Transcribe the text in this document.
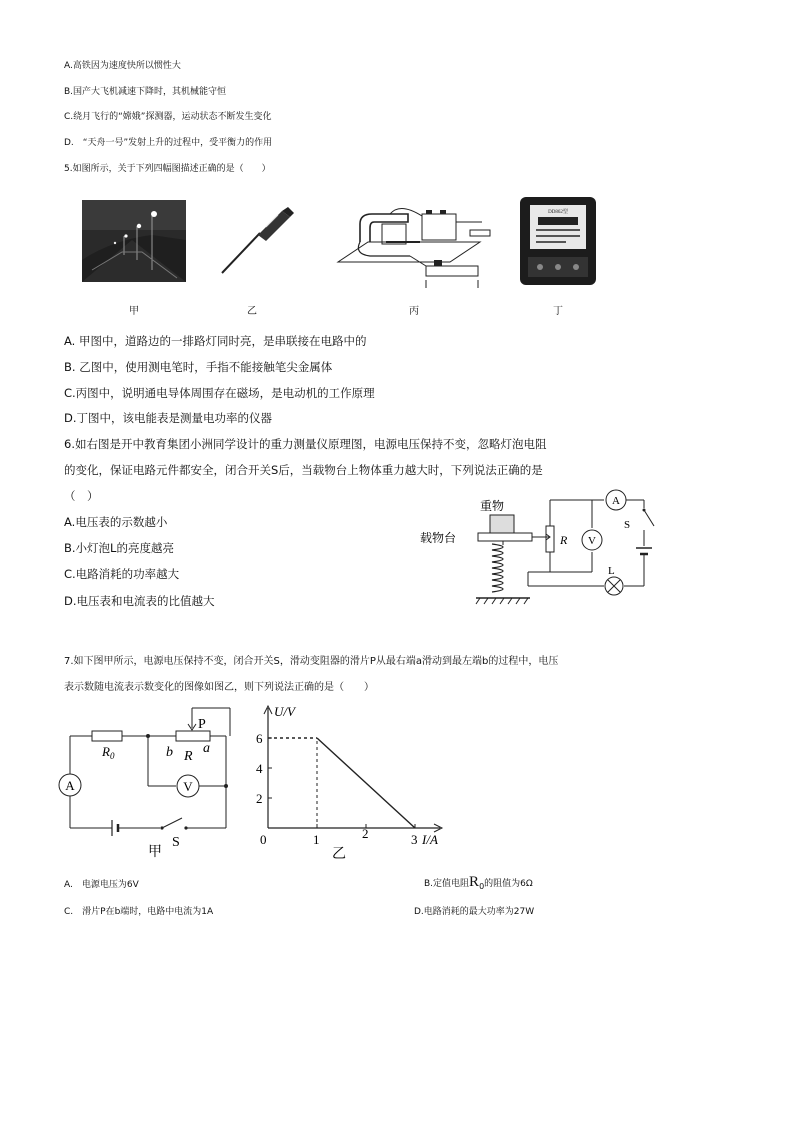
A.高铁因为速度快所以惯性大
B.国产大飞机减速下降时，其机械能守恒
C.绕月飞行的“嫦娥”探测器，运动状态不断发生变化
D.　“天舟一号”发射上升的过程中，受平衡力的作用
5.如图所示，关于下列四幅图描述正确的是（　　）
甲	乙	丙
DD862型
丁
A. 甲图中，道路边的一排路灯同时亮，是串联接在电路中的
B. 乙图中，使用测电笔时，手指不能接触笔尖金属体
C.丙图中，说明通电导体周围存在磁场，是电动机的工作原理
D.丁图中，该电能表是测量电功率的仪器
6.如右图是开中教育集团小洲同学设计的重力测量仪原理图，电源电压保持不变，忽略灯泡电阻
的变化，保证电路元件都安全，闭合开关S后，当载物台上物体重力越大时，下列说法正确的是
（　）
A.电压表的示数越小
B.小灯泡L的亮度越亮
C.电路消耗的功率越大
D.电压表和电流表的比值越大
重物
载物台	R V
A
S
L
7.如下图甲所示，电源电压保持不变，闭合开关S，滑动变阻器的滑片P从最右端a滑动到最左端b的过程中，电压
表示数随电流表示数变化的图像如图乙，则下列说法正确的是（　　）
A	V
$R_0$
P
b R
a
S
甲
U/V
I/A
0	1	2	3
2
4
6
乙
A.　电源电压为6V	B.定值电阻$R_0$的阻值为6Ω
C.　滑片P在b端时，电路中电流为1A	D.电路消耗的最大功率为27W
